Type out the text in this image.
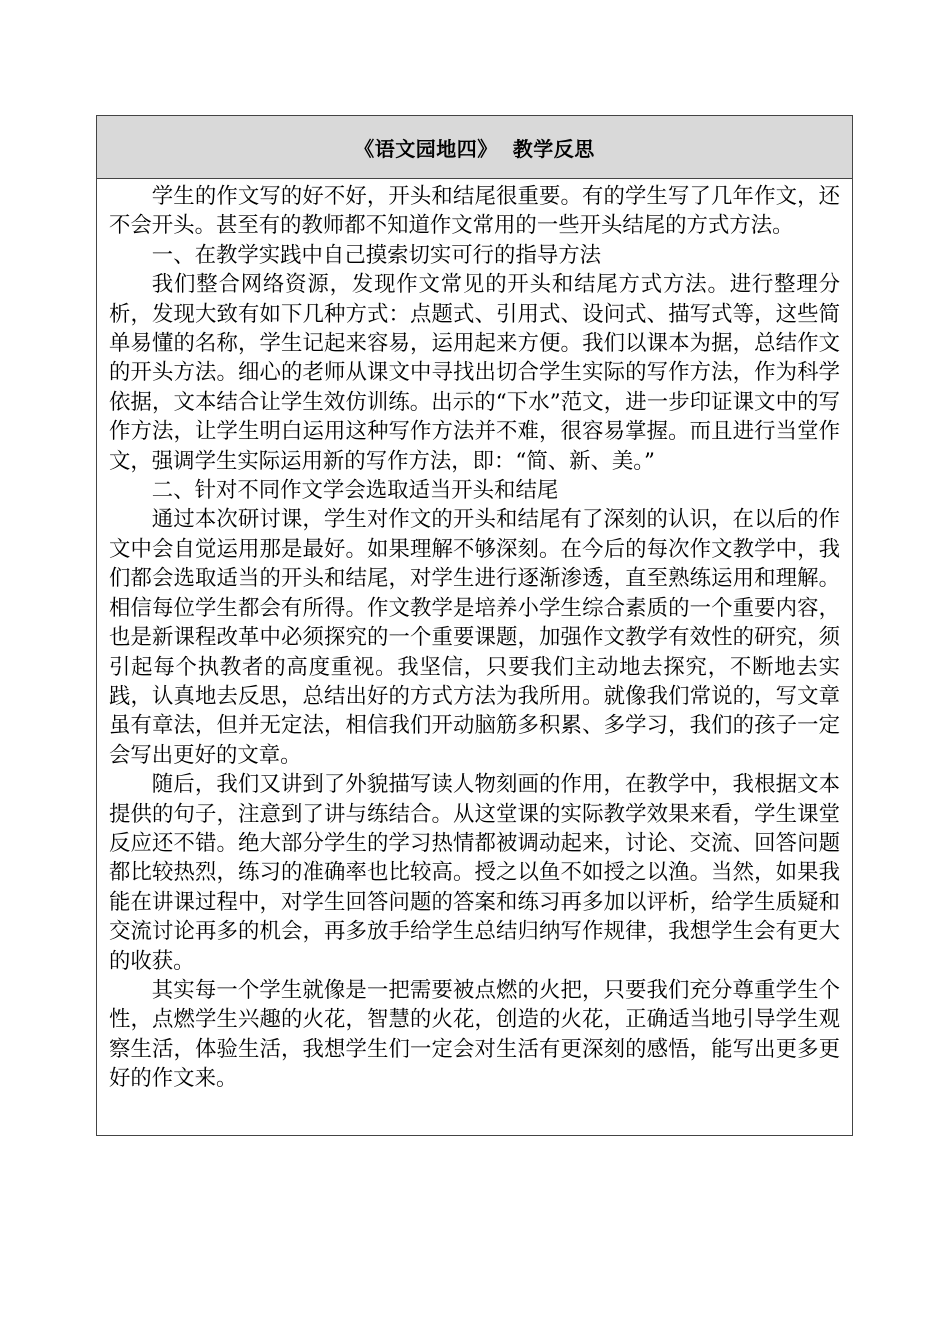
《语文园地四》  教学反思

学生的作文写的好不好，开头和结尾很重要。有的学生写了几年作文，还不会开头。甚至有的教师都不知道作文常用的一些开头结尾的方式方法。

一、在教学实践中自己摸索切实可行的指导方法

我们整合网络资源，发现作文常见的开头和结尾方式方法。进行整理分析，发现大致有如下几种方式：点题式、引用式、设问式、描写式等，这些简单易懂的名称，学生记起来容易，运用起来方便。我们以课本为据，总结作文的开头方法。细心的老师从课文中寻找出切合学生实际的写作方法，作为科学依据，文本结合让学生效仿训练。出示的“下水”范文，进一步印证课文中的写作方法，让学生明白运用这种写作方法并不难，很容易掌握。而且进行当堂作文，强调学生实际运用新的写作方法，即：“简、新、美。”

二、针对不同作文学会选取适当开头和结尾

通过本次研讨课，学生对作文的开头和结尾有了深刻的认识，在以后的作文中会自觉运用那是最好。如果理解不够深刻。在今后的每次作文教学中，我们都会选取适当的开头和结尾，对学生进行逐渐渗透，直至熟练运用和理解。相信每位学生都会有所得。作文教学是培养小学生综合素质的一个重要内容，也是新课程改革中必须探究的一个重要课题，加强作文教学有效性的研究，须引起每个执教者的高度重视。我坚信，只要我们主动地去探究，不断地去实践，认真地去反思，总结出好的方式方法为我所用。就像我们常说的，写文章虽有章法，但并无定法，相信我们开动脑筋多积累、多学习，我们的孩子一定会写出更好的文章。

随后，我们又讲到了外貌描写读人物刻画的作用，在教学中，我根据文本提供的句子，注意到了讲与练结合。从这堂课的实际教学效果来看，学生课堂反应还不错。绝大部分学生的学习热情都被调动起来，讨论、交流、回答问题都比较热烈，练习的准确率也比较高。授之以鱼不如授之以渔。当然，如果我能在讲课过程中，对学生回答问题的答案和练习再多加以评析，给学生质疑和交流讨论再多的机会，再多放手给学生总结归纳写作规律，我想学生会有更大的收获。

其实每一个学生就像是一把需要被点燃的火把，只要我们充分尊重学生个性，点燃学生兴趣的火花，智慧的火花，创造的火花，正确适当地引导学生观察生活，体验生活，我想学生们一定会对生活有更深刻的感悟，能写出更多更好的作文来。
